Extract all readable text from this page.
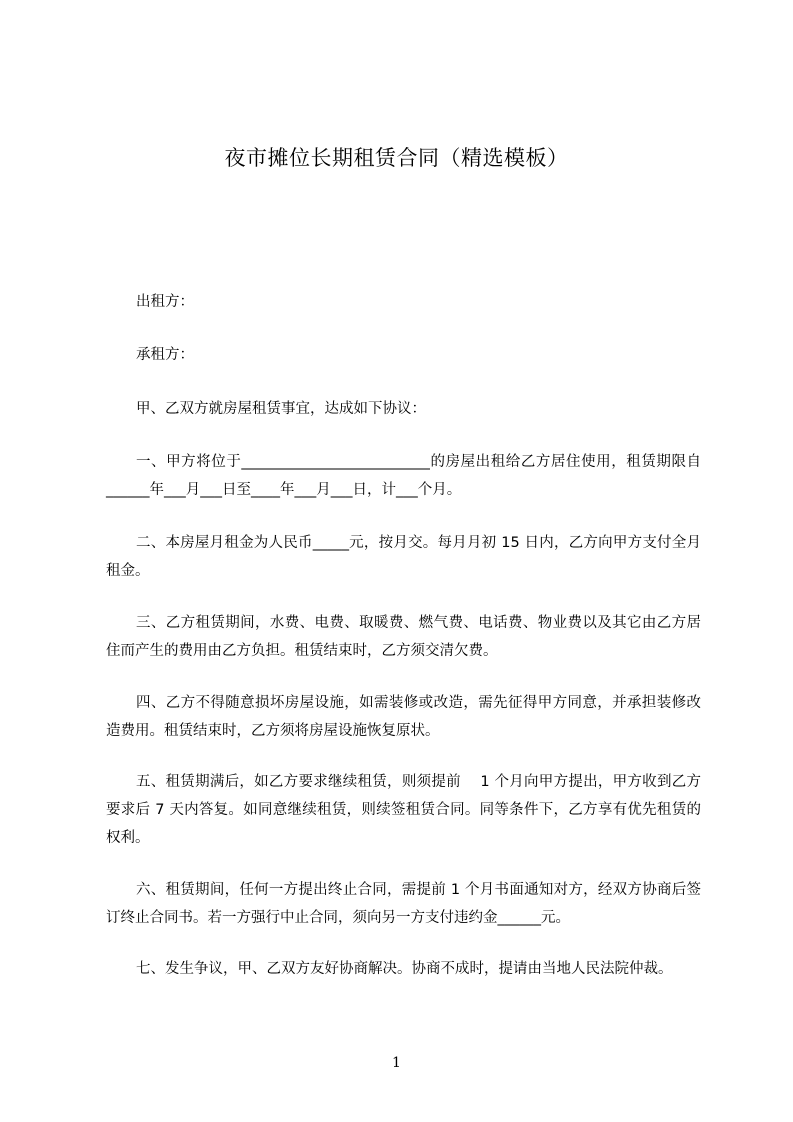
夜市摊位长期租赁合同（精选模板）
出租方：
承租方：
甲、乙双方就房屋租赁事宜，达成如下协议：
一、甲方将位于__________________________的房屋出租给乙方居住使用，租赁期限自______年___月___日至____年___月___日，计___个月。
二、本房屋月租金为人民币_____元，按月交。每月月初 15 日内，乙方向甲方支付全月租金。
三、乙方租赁期间，水费、电费、取暖费、燃气费、电话费、物业费以及其它由乙方居住而产生的费用由乙方负担。租赁结束时，乙方须交清欠费。
四、乙方不得随意损坏房屋设施，如需装修或改造，需先征得甲方同意，并承担装修改造费用。租赁结束时，乙方须将房屋设施恢复原状。
五、租赁期满后，如乙方要求继续租赁，则须提前    1 个月向甲方提出，甲方收到乙方要求后 7 天内答复。如同意继续租赁，则续签租赁合同。同等条件下，乙方享有优先租赁的权利。
六、租赁期间，任何一方提出终止合同，需提前 1 个月书面通知对方，经双方协商后签订终止合同书。若一方强行中止合同，须向另一方支付违约金______元。
七、发生争议，甲、乙双方友好协商解决。协商不成时，提请由当地人民法院仲裁。
1
